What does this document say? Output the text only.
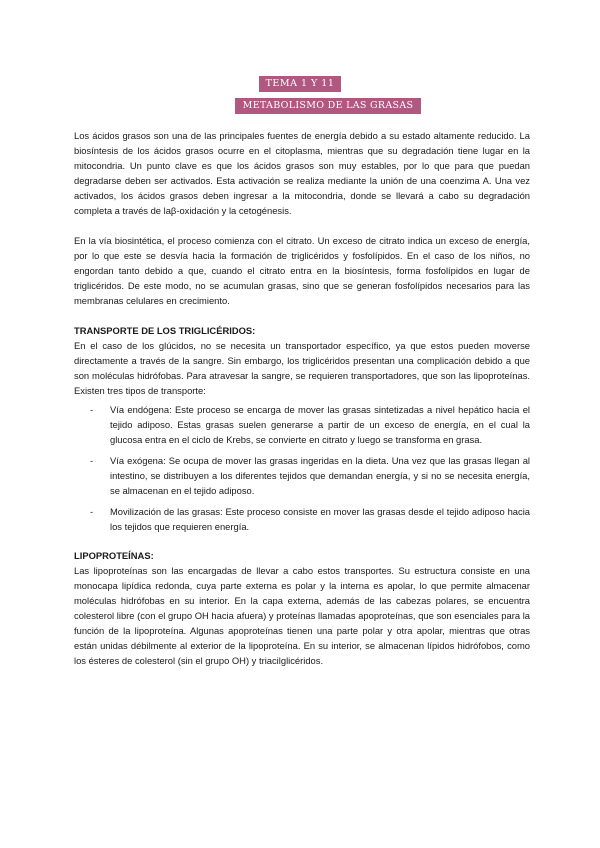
TEMA 1 Y 11
METABOLISMO DE LAS GRASAS

Los ácidos grasos son una de las principales fuentes de energía debido a su estado altamente reducido. La biosíntesis de los ácidos grasos ocurre en el citoplasma, mientras que su degradación tiene lugar en la mitocondria. Un punto clave es que los ácidos grasos son muy estables, por lo que para que puedan degradarse deben ser activados. Esta activación se realiza mediante la unión de una coenzima A. Una vez activados, los ácidos grasos deben ingresar a la mitocondria, donde se llevará a cabo su degradación completa a través de laβ-oxidación y la cetogénesis.

En la vía biosintética, el proceso comienza con el citrato. Un exceso de citrato indica un exceso de energía, por lo que este se desvía hacia la formación de triglicéridos y fosfolípidos. En el caso de los niños, no engordan tanto debido a que, cuando el citrato entra en la biosíntesis, forma fosfolípidos en lugar de triglicéridos. De este modo, no se acumulan grasas, sino que se generan fosfolípidos necesarios para las membranas celulares en crecimiento.

TRANSPORTE DE LOS TRIGLICÉRIDOS:

En el caso de los glúcidos, no se necesita un transportador específico, ya que estos pueden moverse directamente a través de la sangre. Sin embargo, los triglicéridos presentan una complicación debido a que son moléculas hidrófobas. Para atravesar la sangre, se requieren transportadores, que son las lipoproteínas. Existen tres tipos de transporte:

- Vía endógena: Este proceso se encarga de mover las grasas sintetizadas a nivel hepático hacia el tejido adiposo. Estas grasas suelen generarse a partir de un exceso de energía, en el cual la glucosa entra en el ciclo de Krebs, se convierte en citrato y luego se transforma en grasa.
- Vía exógena: Se ocupa de mover las grasas ingeridas en la dieta. Una vez que las grasas llegan al intestino, se distribuyen a los diferentes tejidos que demandan energía, y si no se necesita energía, se almacenan en el tejido adiposo.
- Movilización de las grasas: Este proceso consiste en mover las grasas desde el tejido adiposo hacia los tejidos que requieren energía.

LIPOPROTEÍNAS:

Las lipoproteínas son las encargadas de llevar a cabo estos transportes. Su estructura consiste en una monocapa lipídica redonda, cuya parte externa es polar y la interna es apolar, lo que permite almacenar moléculas hidrófobas en su interior. En la capa externa, además de las cabezas polares, se encuentra colesterol libre (con el grupo OH hacia afuera) y proteínas llamadas apoproteínas, que son esenciales para la función de la lipoproteína. Algunas apoproteínas tienen una parte polar y otra apolar, mientras que otras están unidas débilmente al exterior de la lipoproteína. En su interior, se almacenan lípidos hidrófobos, como los ésteres de colesterol (sin el grupo OH) y triacilglicéridos.
